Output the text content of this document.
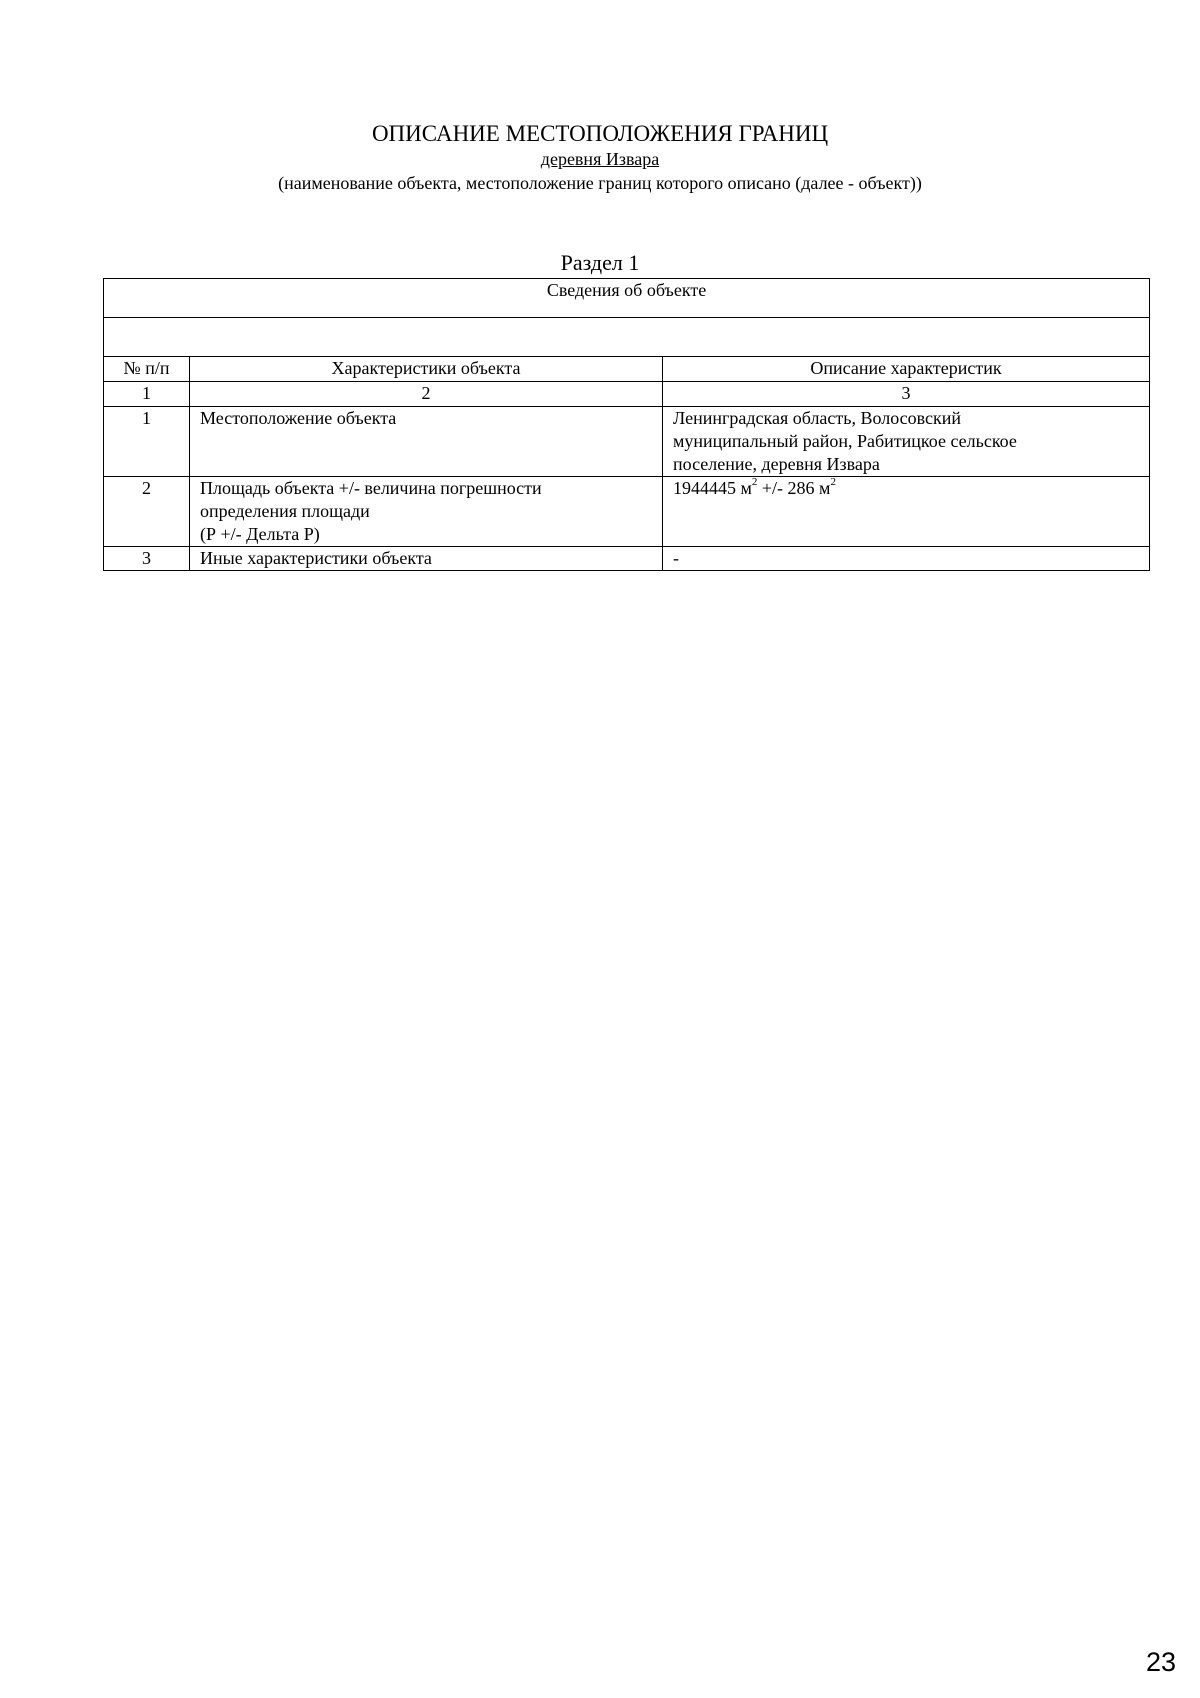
ОПИСАНИЕ МЕСТОПОЛОЖЕНИЯ ГРАНИЦ
деревня Извара
(наименование объекта, местоположение границ которого описано (далее - объект))
Раздел 1
Сведения об объекте		

№ п/п	Характеристики объекта	Описание характеристик
1	2	3
1	Местоположение объекта	Ленинградская область, Волосовский
муниципальный район, Рабитицкое сельское
поселение, деревня Извара

2	Площадь объекта +/- величина погрешности
определения площади
(Р +/- Дельта Р)	1944445 $м^2$ +/- 286 $м^2$
3	Иные характеристики объекта	-
23
